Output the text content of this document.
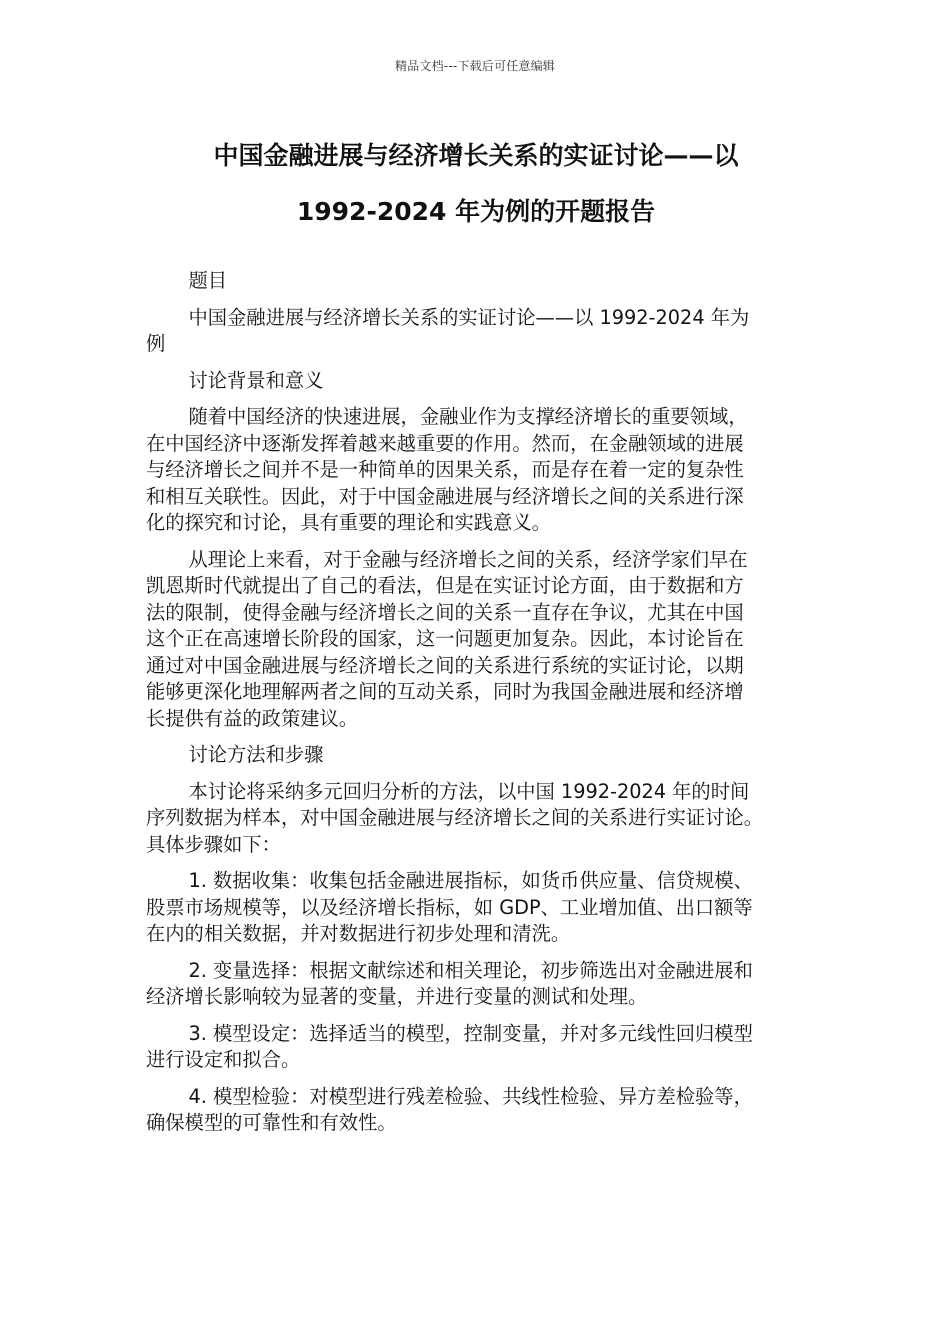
精品文档---下载后可任意编辑
中国金融进展与经济增长关系的实证讨论——以
1992-2024 年为例的开题报告

题目

中国金融进展与经济增长关系的实证讨论——以 1992-2024 年为
例

讨论背景和意义

随着中国经济的快速进展，金融业作为支撑经济增长的重要领域，
在中国经济中逐渐发挥着越来越重要的作用。然而，在金融领域的进展
与经济增长之间并不是一种简单的因果关系，而是存在着一定的复杂性
和相互关联性。因此，对于中国金融进展与经济增长之间的关系进行深
化的探究和讨论，具有重要的理论和实践意义。

从理论上来看，对于金融与经济增长之间的关系，经济学家们早在
凯恩斯时代就提出了自己的看法，但是在实证讨论方面，由于数据和方
法的限制，使得金融与经济增长之间的关系一直存在争议，尤其在中国
这个正在高速增长阶段的国家，这一问题更加复杂。因此，本讨论旨在
通过对中国金融进展与经济增长之间的关系进行系统的实证讨论，以期
能够更深化地理解两者之间的互动关系，同时为我国金融进展和经济增
长提供有益的政策建议。

讨论方法和步骤

本讨论将采纳多元回归分析的方法，以中国 1992-2024 年的时间
序列数据为样本，对中国金融进展与经济增长之间的关系进行实证讨论。
具体步骤如下：

1. 数据收集：收集包括金融进展指标，如货币供应量、信贷规模、
股票市场规模等，以及经济增长指标，如 GDP、工业增加值、出口额等
在内的相关数据，并对数据进行初步处理和清洗。

2. 变量选择：根据文献综述和相关理论，初步筛选出对金融进展和
经济增长影响较为显著的变量，并进行变量的测试和处理。

3. 模型设定：选择适当的模型，控制变量，并对多元线性回归模型
进行设定和拟合。

4. 模型检验：对模型进行残差检验、共线性检验、异方差检验等，
确保模型的可靠性和有效性。
